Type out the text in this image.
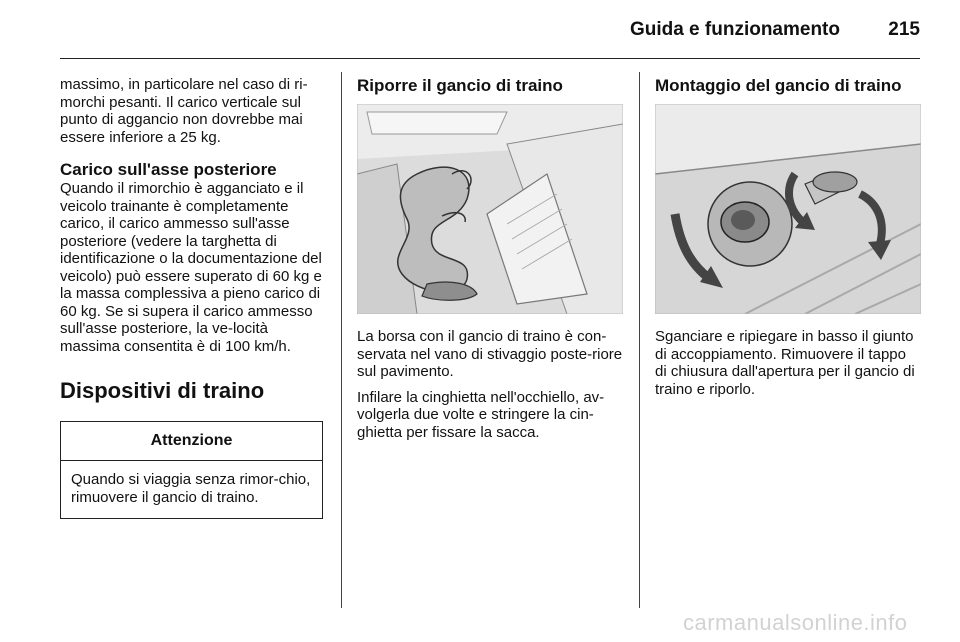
Guida e funzionamento	215

massimo, in particolare nel caso di ri-morchi pesanti. Il carico verticale sul punto di aggancio non dovrebbe mai essere inferiore a 25 kg.

Carico sull'asse posteriore

Quando il rimorchio è agganciato e il veicolo trainante è completamente carico, il carico ammesso sull'asse posteriore (vedere la targhetta di identificazione o la documentazione del veicolo) può essere superato di 60 kg e la massa complessiva a pieno carico di 60 kg. Se si supera il carico ammesso sull'asse posteriore, la ve-locità massima consentita è di 100 km/h.

Dispositivi di traino
Attenzione
Quando si viaggia senza rimor-chio, rimuovere il gancio di traino.
Riporre il gancio di traino

La borsa con il gancio di traino è con-servata nel vano di stivaggio poste-riore sul pavimento.

Infilare la cinghietta nell'occhiello, av-volgerla due volte e stringere la cin-ghietta per fissare la sacca.

Montaggio del gancio di traino

Sganciare e ripiegare in basso il giunto di accoppiamento. Rimuovere il tappo di chiusura dall'apertura per il gancio di traino e riporlo.

carmanualsonline.info
